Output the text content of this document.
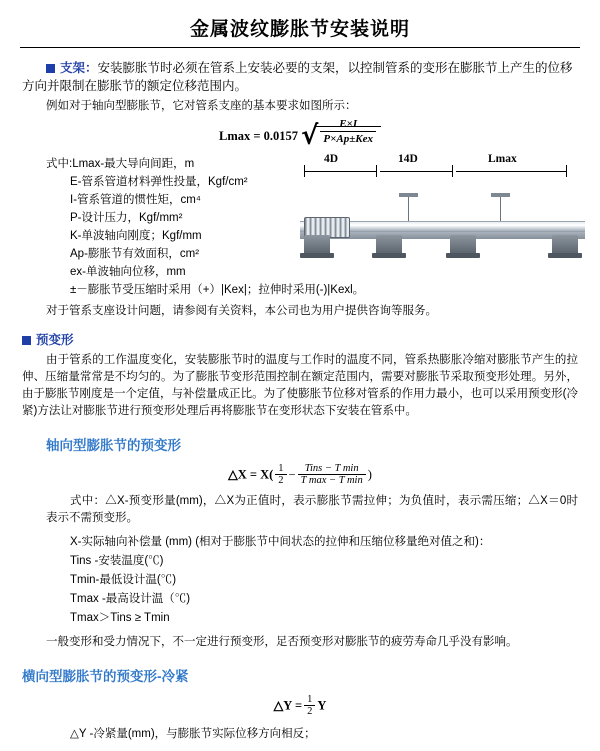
金属波纹膨胀节安装说明
支架：安装膨胀节时必须在管系上安装必要的支架，以控制管系的变形在膨胀节上产生的位移方向并限制在膨胀节的额定位移范围内。

例如对于轴向型膨胀节，它对管系支座的基本要求如图所示：

Lmax = 0.0157 √
$\frac{E\times I}{\text{P×Ap±Kex}}$
式中:Lmax-最大导向间距，m
E-管系管道材料弹性投量，Kgf/cm²
I-管系管道的惯性矩，cm⁴
P-设计压力，Kgf/mm²
K-单波轴向刚度；Kgf/mm
Ap-膨胀节有效面积，cm²
ex-单波轴向位移，mm
±－膨胀节受压缩时采用（+）|Kex|；拉伸时采用(-)|Kexl。
4D	14D	Lmax

对于管系支座设计问题，请参阅有关资料，本公司也为用户提供咨询等服务。

预变形

由于管系的工作温度变化，安装膨胀节时的温度与工作时的温度不同，管系热膨胀冷缩对膨胀节产生的拉伸、压缩量常常是不均匀的。为了膨胀节变形范围控制在额定范围内，需要对膨胀节采取预变形处理。另外，由于膨胀节刚度是一个定值，与补偿量成正比。为了使膨胀节位移对管系的作用力最小，也可以采用预变形(冷紧)方法让对膨胀节进行预变形处理后再将膨胀节在变形状态下安装在管系中。

轴向型膨胀节的预变形
△X = $X( \frac{1}{2} - \frac{\text{Tins − T min}}{\text{T max − T min}}$ )

式中：△X-预变形量(mm)，△X为正值时，表示膨胀节需拉伸；为负值时，表示需压缩；△X＝0时表示不需预变形。

X-实际轴向补偿量 (mm) (相对于膨胀节中间状态的拉伸和压缩位移量绝对值之和)：
Tins -安装温度(℃)
Tmin-最低设计温(℃)
Tmax -最高设计温（℃)
Tmax＞Tins ≥ Tmin

一般变形和受力情况下，不一定进行预变形，足否预变形对膨胀节的疲劳寿命几乎没有影响。

横向型膨胀节的预变形-冷紧
△Y = $\frac{1}{2}$ Y

△Y -冷紧量(mm)，与膨胀节实际位移方向相反；
